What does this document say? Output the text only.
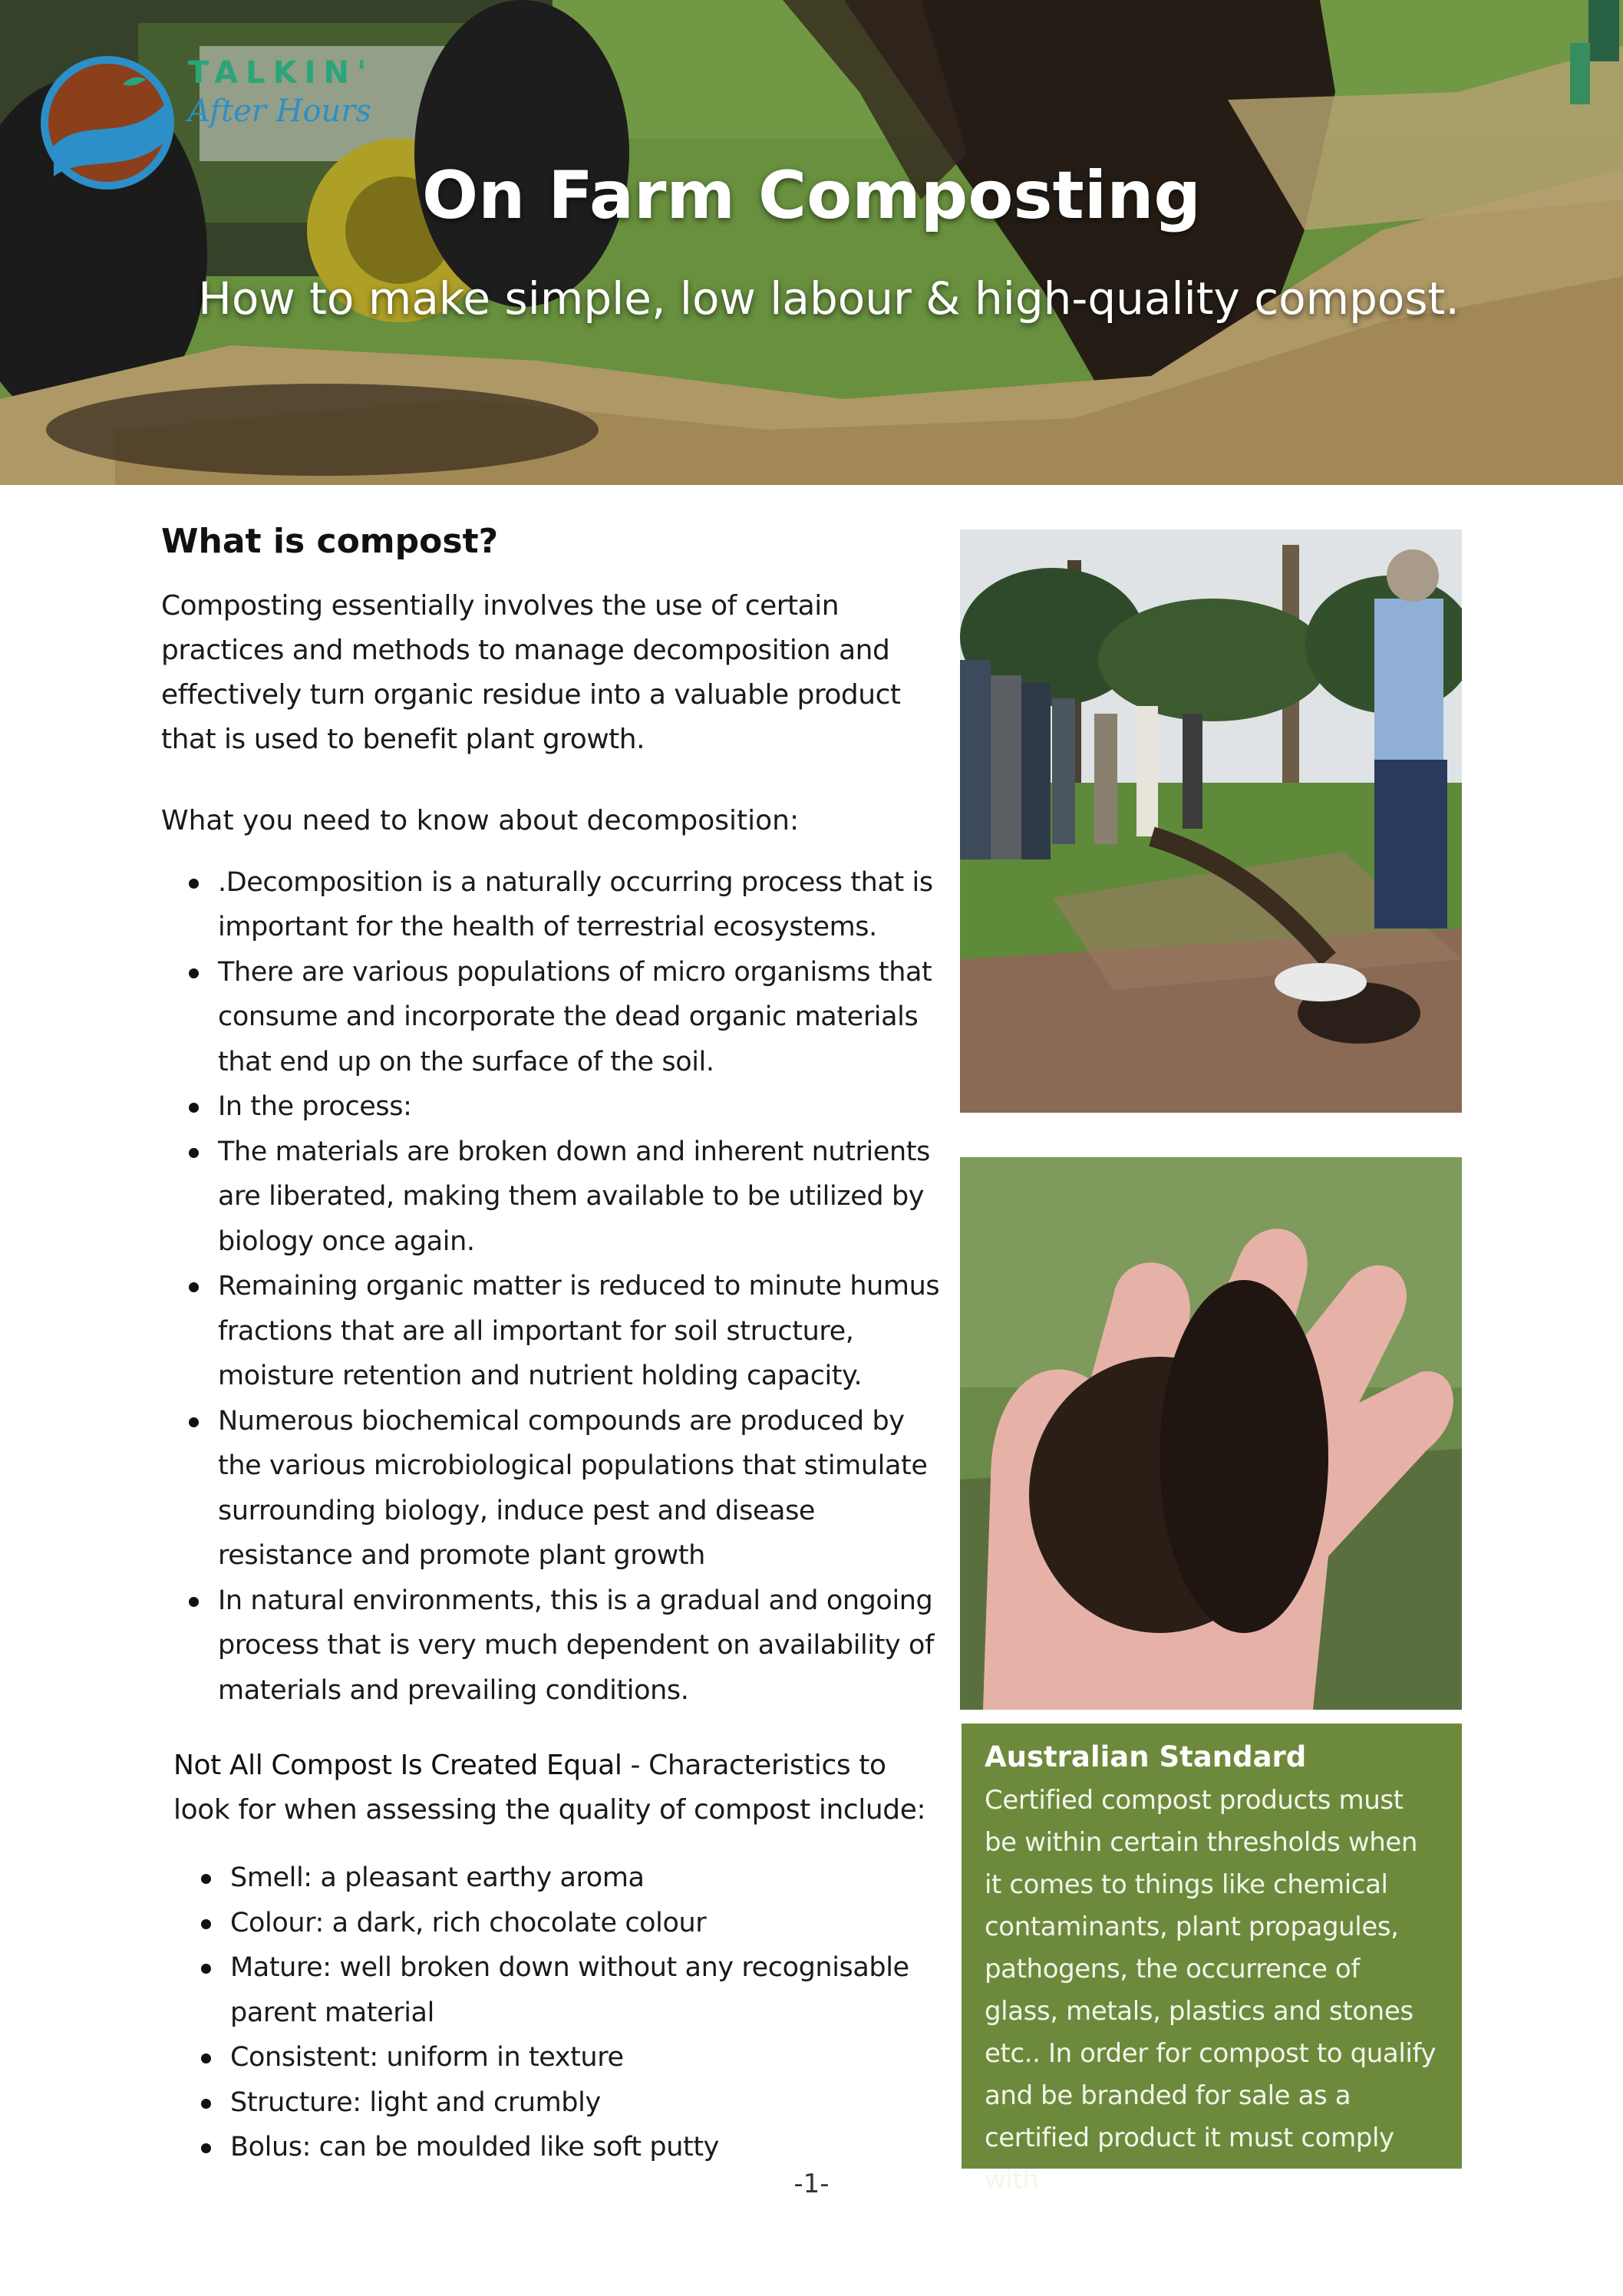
TALKIN'
After Hours
On Farm Composting
How to make simple, low labour & high-quality compost.
What is compost?

Composting essentially involves the use of certain practices and methods to manage decomposition and effectively turn organic residue into a valuable product that is used to benefit plant growth.

What you need to know about decomposition:
.Decomposition is a naturally occurring process that is important for the health of terrestrial ecosystems.
There are various populations of micro organisms that consume and incorporate the dead organic materials that end up on the surface of the soil.
In the process:
The materials are broken down and inherent nutrients are liberated, making them available to be utilized by biology once again.
Remaining organic matter is reduced to minute humus fractions that are all important for soil structure, moisture retention and nutrient holding capacity.
Numerous biochemical compounds are produced by the various microbiological populations that stimulate surrounding biology, induce pest and disease resistance and promote plant growth
In natural environments, this is a gradual and ongoing process that is very much dependent on availability of materials and prevailing conditions.

Not All Compost Is Created Equal - Characteristics to look for when assessing the quality of compost include:

Smell: a pleasant earthy aroma
Colour: a dark, rich chocolate colour
Mature: well broken down without any recognisable parent material
Consistent: uniform in texture
Structure: light and crumbly
Bolus: can be moulded like soft putty
Australian Standard

Certified compost products must be within certain thresholds when it comes to things like chemical contaminants, plant propagules, pathogens, the occurrence of glass, metals, plastics and stones etc.. In order for compost to qualify and be branded for sale as a certified product it must comply with Australian Standard 4454.

-1-
